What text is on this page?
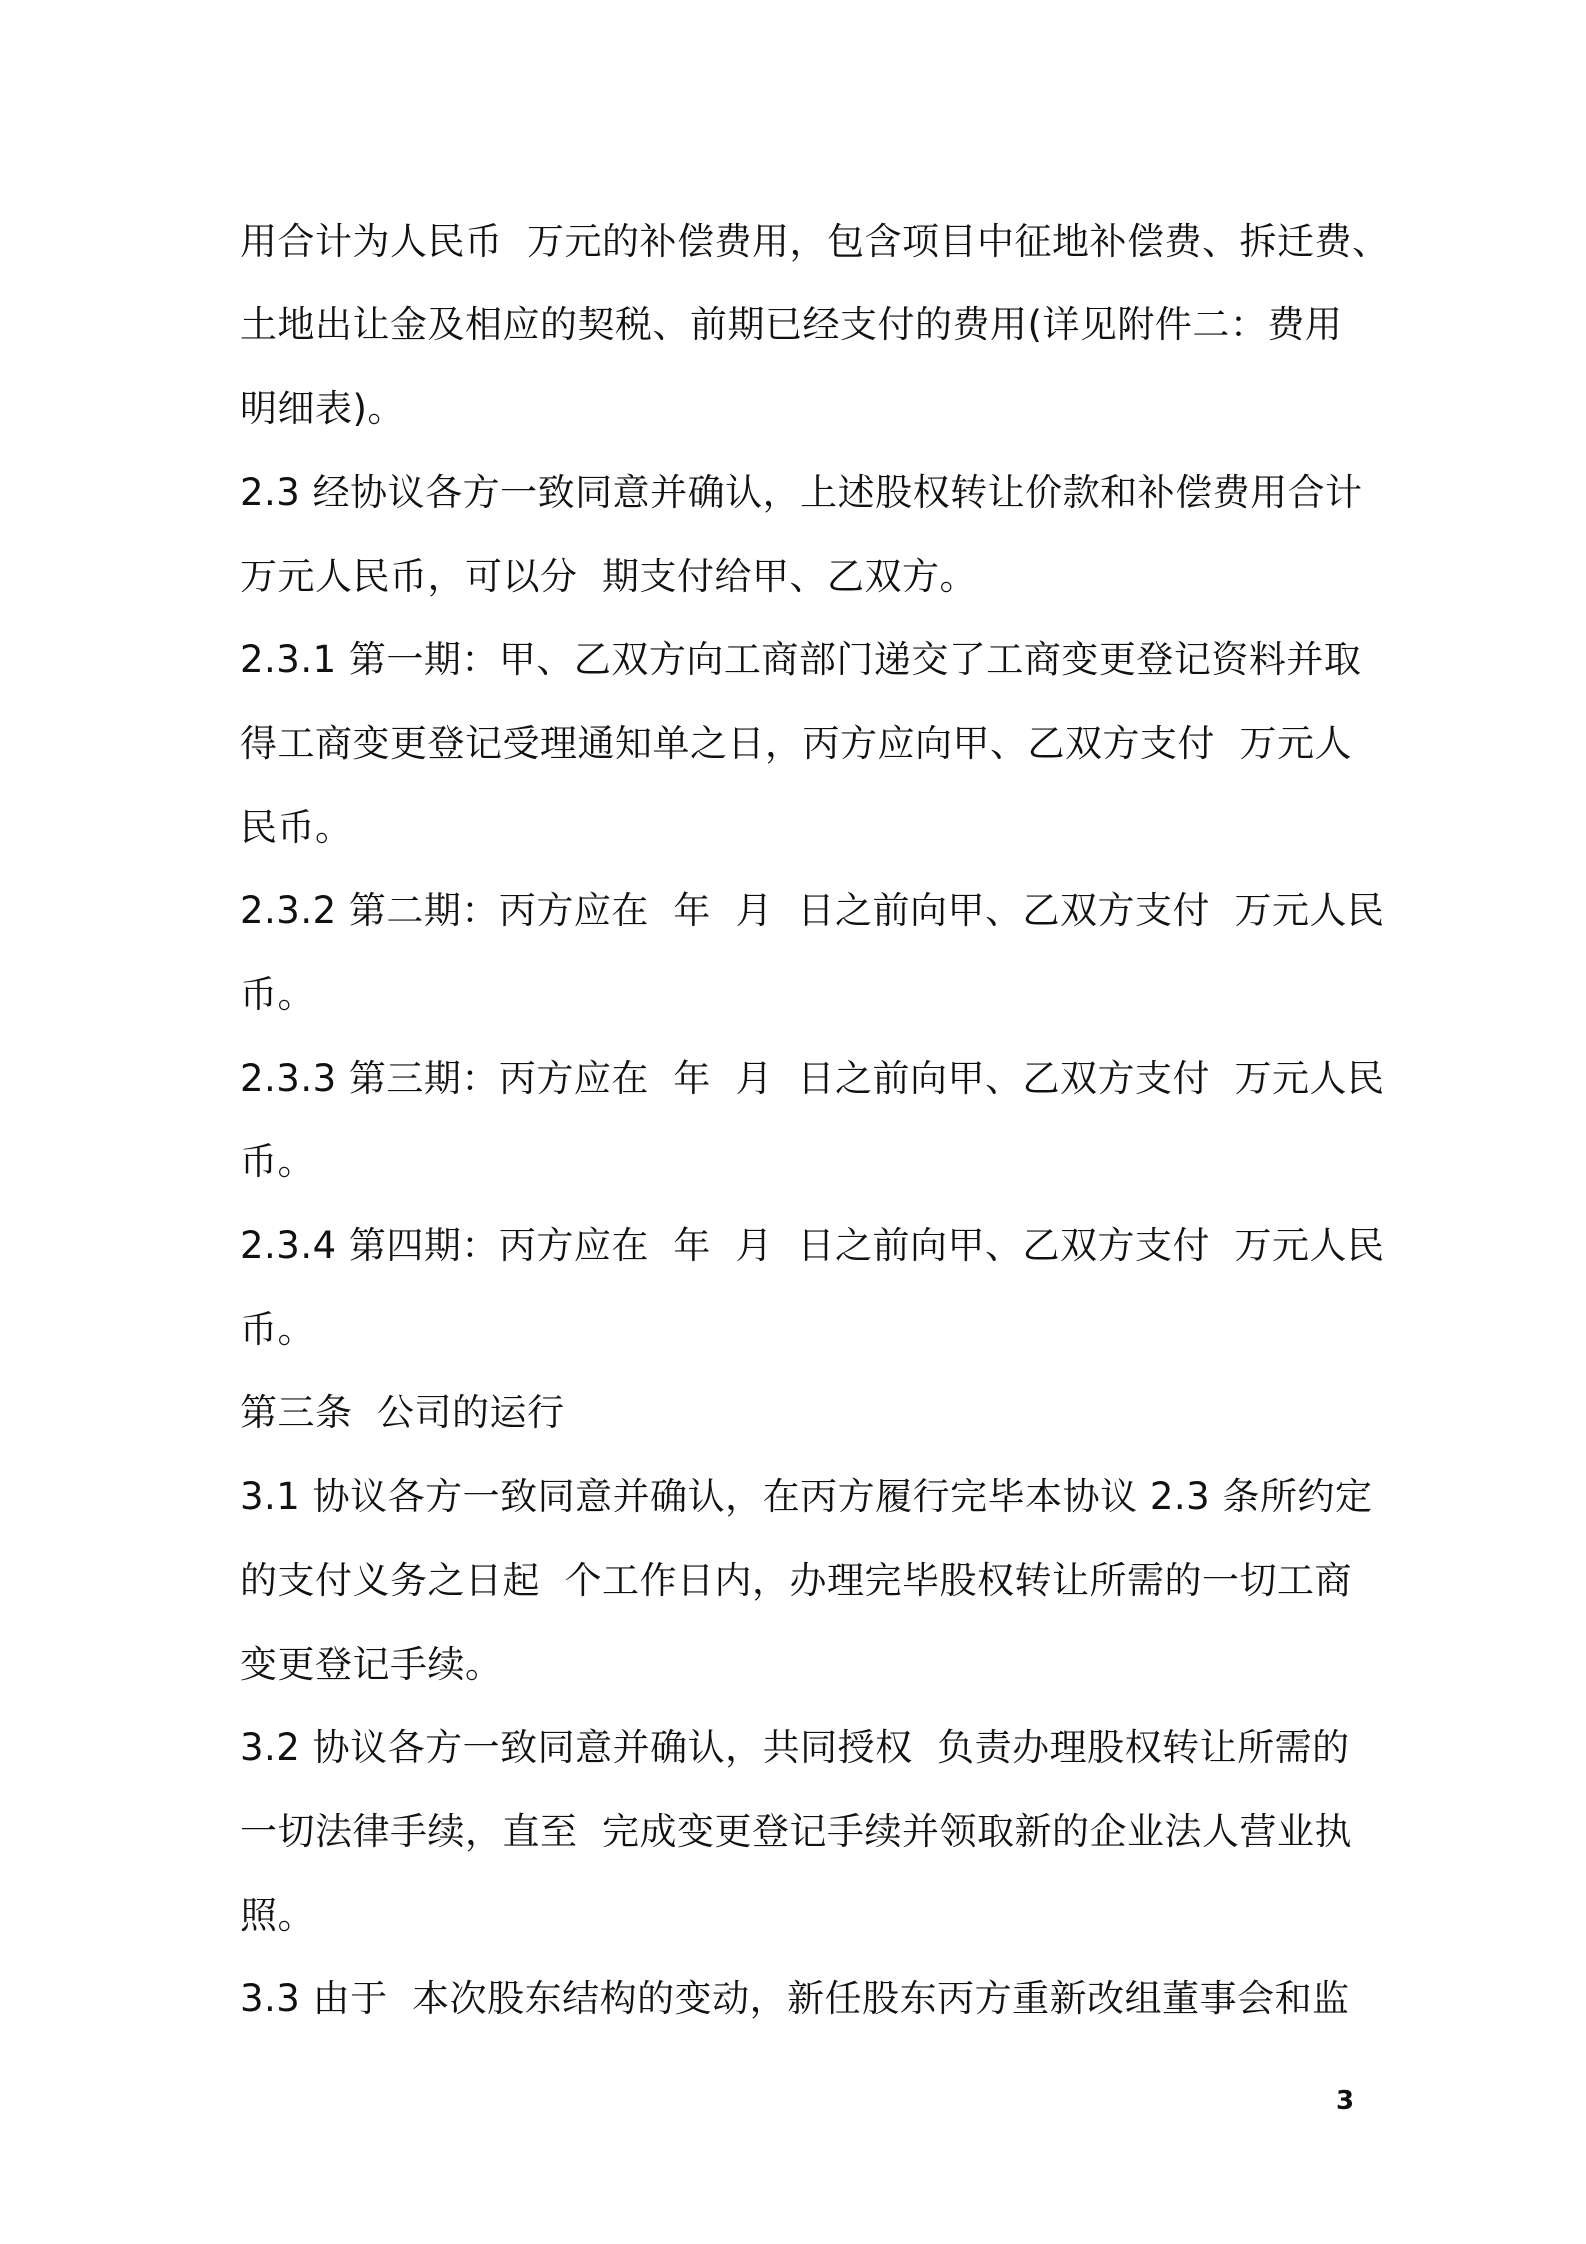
用合计为人民币  万元的补偿费用，包含项目中征地补偿费、拆迁费、

土地出让金及相应的契税、前期已经支付的费用(详见附件二：费用

明细表)。

2.3 经协议各方一致同意并确认，上述股权转让价款和补偿费用合计

万元人民币，可以分  期支付给甲、乙双方。

2.3.1 第一期：甲、乙双方向工商部门递交了工商变更登记资料并取

得工商变更登记受理通知单之日，丙方应向甲、乙双方支付  万元人

民币。

2.3.2 第二期：丙方应在  年  月  日之前向甲、乙双方支付  万元人民

币。

2.3.3 第三期：丙方应在  年  月  日之前向甲、乙双方支付  万元人民

币。

2.3.4 第四期：丙方应在  年  月  日之前向甲、乙双方支付  万元人民

币。

第三条  公司的运行

3.1 协议各方一致同意并确认，在丙方履行完毕本协议 2.3 条所约定

的支付义务之日起  个工作日内，办理完毕股权转让所需的一切工商

变更登记手续。

3.2 协议各方一致同意并确认，共同授权  负责办理股权转让所需的

一切法律手续，直至  完成变更登记手续并领取新的企业法人营业执

照。

3.3 由于  本次股东结构的变动，新任股东丙方重新改组董事会和监

3
